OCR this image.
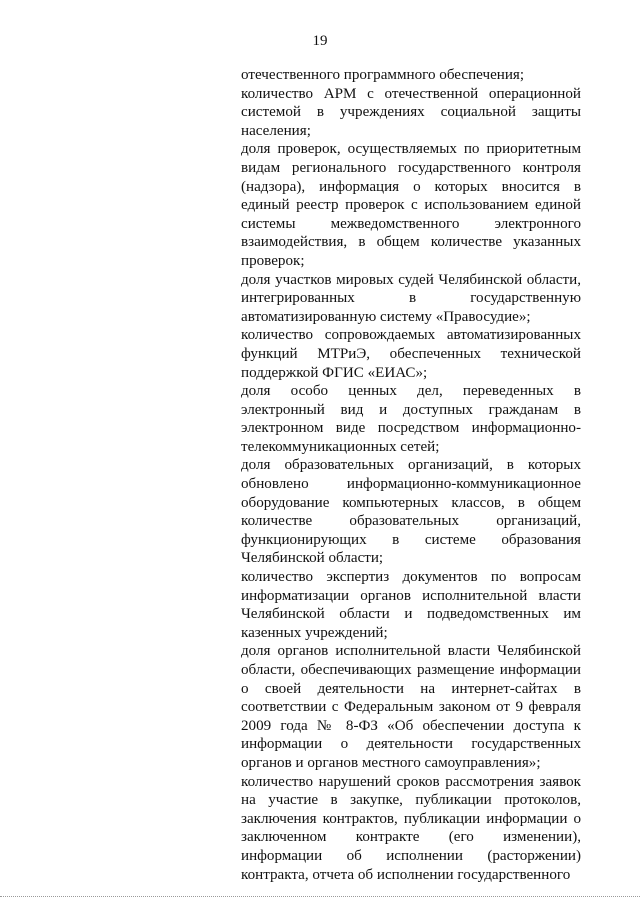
19

отечественного программного обеспечения;

количество АРМ с отечественной операционной системой в учреждениях социальной защиты населения;

доля проверок, осуществляемых по приоритетным видам регионального государственного контроля (надзора), информация о которых вносится в единый реестр проверок с использованием единой системы межведомственного электронного взаимодействия, в общем количестве указанных проверок;

доля участков мировых судей Челябинской области, интегрированных в государственную автоматизированную систему «Правосудие»;

количество сопровождаемых автоматизированных функций МТРиЭ, обеспеченных технической поддержкой ФГИС «ЕИАС»;

доля особо ценных дел, переведенных в электронный вид и доступных гражданам в электронном виде посредством информационно-телекоммуникационных сетей;

доля образовательных организаций, в которых обновлено информационно-коммуникационное оборудование компьютерных классов, в общем количестве образовательных организаций, функционирующих в системе образования Челябинской области;

количество экспертиз документов по вопросам информатизации органов исполнительной власти Челябинской области и подведомственных им казенных учреждений;

доля органов исполнительной власти Челябинской области, обеспечивающих размещение информации о своей деятельности на интернет-сайтах в соответствии с Федеральным законом от 9 февраля 2009 года № 8-ФЗ «Об обеспечении доступа к информации о деятельности государственных органов и органов местного самоуправления»;

количество нарушений сроков рассмотрения заявок на участие в закупке, публикации протоколов, заключения контрактов, публикации информации о заключенном контракте (его изменении), информации об исполнении (расторжении) контракта, отчета об исполнении государственного
